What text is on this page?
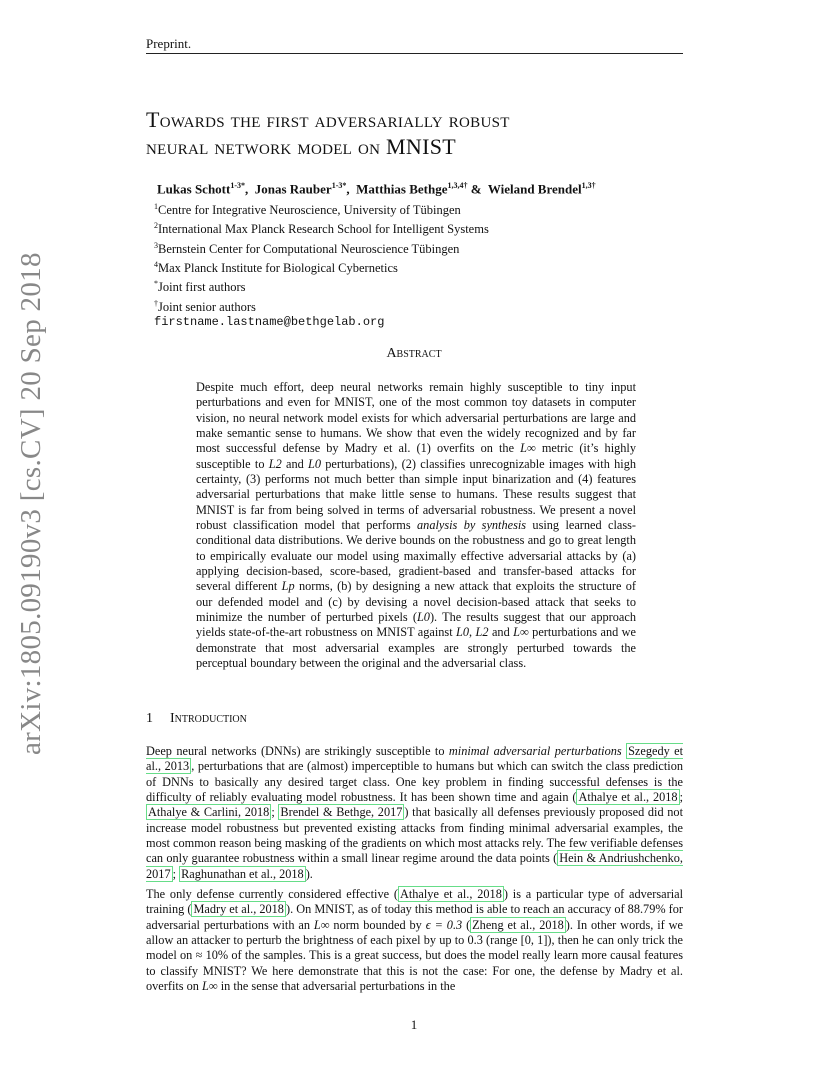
Preprint.
Towards the first adversarially robust
neural network model on MNIST
Lukas Schott$^{1-3*}$, Jonas Rauber$^{1-3*}$, Matthias Bethge$^{1,3,4\dagger}$ & Wieland Brendel$^{1,3\dagger}$
$^1$Centre for Integrative Neuroscience, University of Tübingen
$^2$International Max Planck Research School for Intelligent Systems
$^3$Bernstein Center for Computational Neuroscience Tübingen
$^4$Max Planck Institute for Biological Cybernetics
*Joint first authors
†Joint senior authors
firstname.lastname@bethgelab.org
Abstract
Despite much effort, deep neural networks remain highly susceptible to tiny input perturbations and even for MNIST, one of the most common toy datasets in computer vision, no neural network model exists for which adversarial perturbations are large and make semantic sense to humans. We show that even the widely recognized and by far most successful defense by Madry et al. (1) overfits on the L∞ metric (it’s highly susceptible to L2 and L0 perturbations), (2) classifies unrecognizable images with high certainty, (3) performs not much better than simple input binarization and (4) features adversarial perturbations that make little sense to humans. These results suggest that MNIST is far from being solved in terms of adversarial robustness. We present a novel robust classification model that performs analysis by synthesis using learned class-conditional data distributions. We derive bounds on the robustness and go to great length to empirically evaluate our model using maximally effective adversarial attacks by (a) applying decision-based, score-based, gradient-based and transfer-based attacks for several different Lp norms, (b) by designing a new attack that exploits the structure of our defended model and (c) by devising a novel decision-based attack that seeks to minimize the number of perturbed pixels (L0). The results suggest that our approach yields state-of-the-art robustness on MNIST against L0, L2 and L∞ perturbations and we demonstrate that most adversarial examples are strongly perturbed towards the perceptual boundary between the original and the adversarial class.
1 Introduction
Deep neural networks (DNNs) are strikingly susceptible to minimal adversarial perturbations Szegedy et al., 2013 , perturbations that are (almost) imperceptible to humans but which can switch the class prediction of DNNs to basically any desired target class. One key problem in finding successful defenses is the difficulty of reliably evaluating model robustness. It has been shown time and again ( Athalye et al., 2018 ; Athalye & Carlini, 2018 ; Brendel & Bethge, 2017 ) that basically all defenses previously proposed did not increase model robustness but prevented existing attacks from finding minimal adversarial examples, the most common reason being masking of the gradients on which most attacks rely. The few verifiable defenses can only guarantee robustness within a small linear regime around the data points ( Hein & Andriushchenko, 2017 ; Raghunathan et al., 2018 ).
The only defense currently considered effective ( Athalye et al., 2018 ) is a particular type of adversarial training ( Madry et al., 2018 ). On MNIST, as of today this method is able to reach an accuracy of 88.79% for adversarial perturbations with an L∞ norm bounded by ϵ = 0.3 ( Zheng et al., 2018 ). In other words, if we allow an attacker to perturb the brightness of each pixel by up to 0.3 (range [0, 1]), then he can only trick the model on ≈ 10% of the samples. This is a great success, but does the model really learn more causal features to classify MNIST? We here demonstrate that this is not the case: For one, the defense by Madry et al. overfits on L∞ in the sense that adversarial perturbations in the
1
arXiv:1805.09190v3 [cs.CV] 20 Sep 2018
